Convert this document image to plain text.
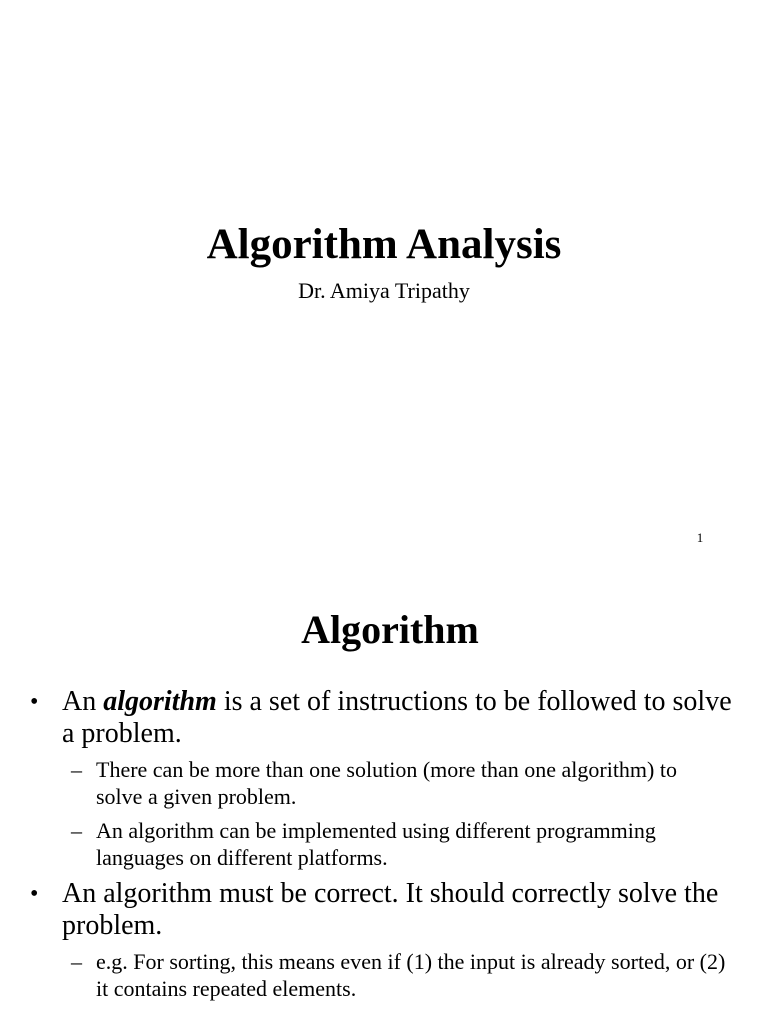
Algorithm Analysis
Dr. Amiya Tripathy
1
Algorithm
• An algorithm is a set of instructions to be followed to solve a problem.
– There can be more than one solution (more than one algorithm) to solve a given problem.
– An algorithm can be implemented using different programming languages on different platforms.
• An algorithm must be correct. It should correctly solve the problem.
– e.g. For sorting, this means even if (1) the input is already sorted, or (2) it contains repeated elements.
